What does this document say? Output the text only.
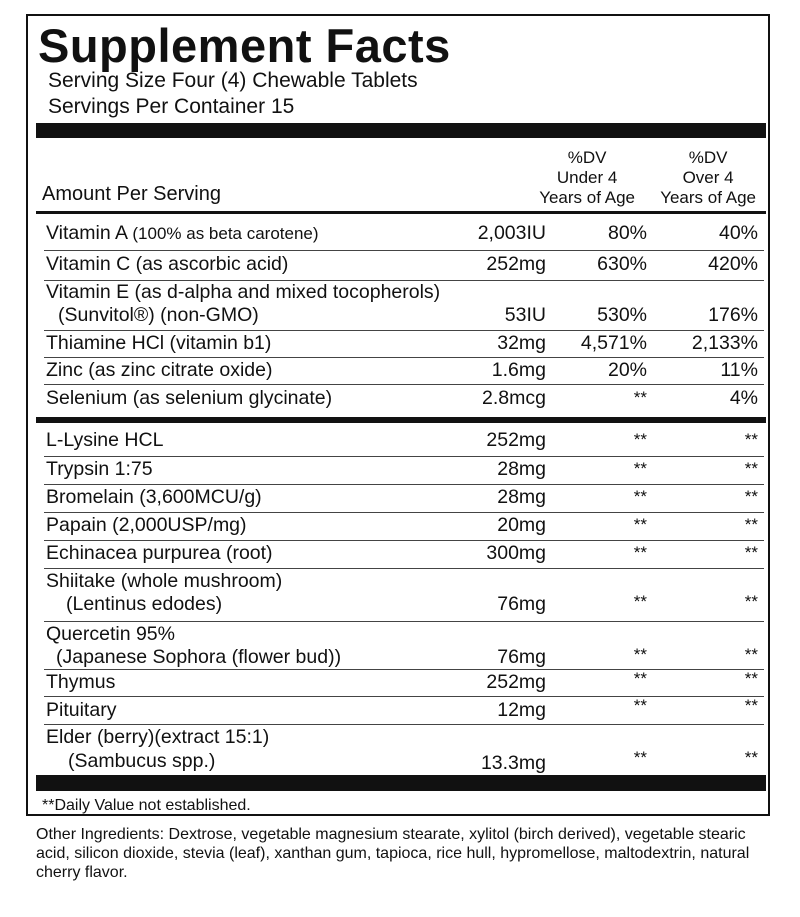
Supplement Facts
Serving Size Four (4) Chewable Tablets
Servings Per Container 15
%DV
Under 4
Years of Age
%DV
Over 4
Years of Age
Amount Per Serving
Vitamin A (100% as beta carotene)	2,003IU	80%	40%
Vitamin C (as ascorbic acid)	252mg	630%	420%
Vitamin E (as d-alpha and mixed tocopherols)
(Sunvitol®) (non-GMO)	53IU	530%	176%
Thiamine HCl (vitamin b1)	32mg 4,571% 2,133%
Zinc (as zinc citrate oxide)	1.6mg	20%	11%
Selenium (as selenium glycinate)	2.8mcg	**	4%
L-Lysine HCL	252mg	**	**
Trypsin 1:75	28mg	**	**
Bromelain (3,600MCU/g)	28mg	**	**
Papain (2,000USP/mg)	20mg	**	**
Echinacea purpurea (root)	300mg	**	**
Shiitake (whole mushroom)
(Lentinus edodes)	76mg	**	**
Quercetin 95%
(Japanese Sophora (flower bud))	76mg	**	**
Thymus	252mg	**	**
Pituitary	12mg	**	**
Elder (berry)(extract 15:1)
(Sambucus spp.)	13.3mg	**	**
**Daily Value not established.
Other Ingredients: Dextrose, vegetable magnesium stearate, xylitol (birch derived), vegetable stearic acid, silicon dioxide, stevia (leaf), xanthan gum, tapioca, rice hull, hypromellose, maltodextrin, natural cherry flavor.
